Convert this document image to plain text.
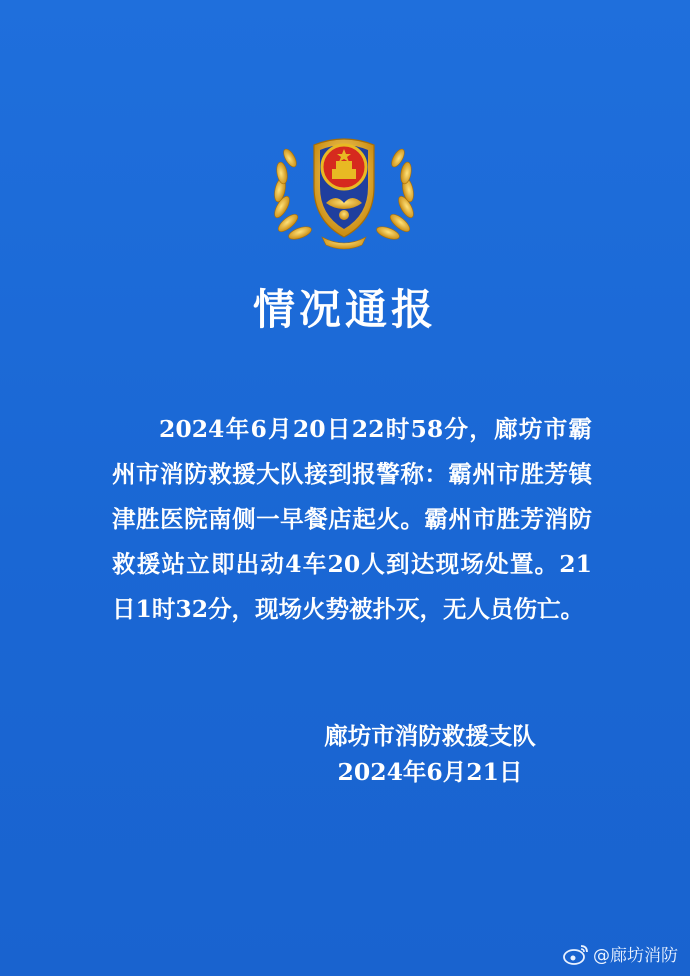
情况通报

2024年6月20日22时58分，廊坊市霸州市消防救援大队接到报警称：霸州市胜芳镇津胜医院南侧一早餐店起火。霸州市胜芳消防救援站立即出动4车20人到达现场处置。21日1时32分，现场火势被扑灭，无人员伤亡。

廊坊市消防救援支队
2024年6月21日
@廊坊消防
